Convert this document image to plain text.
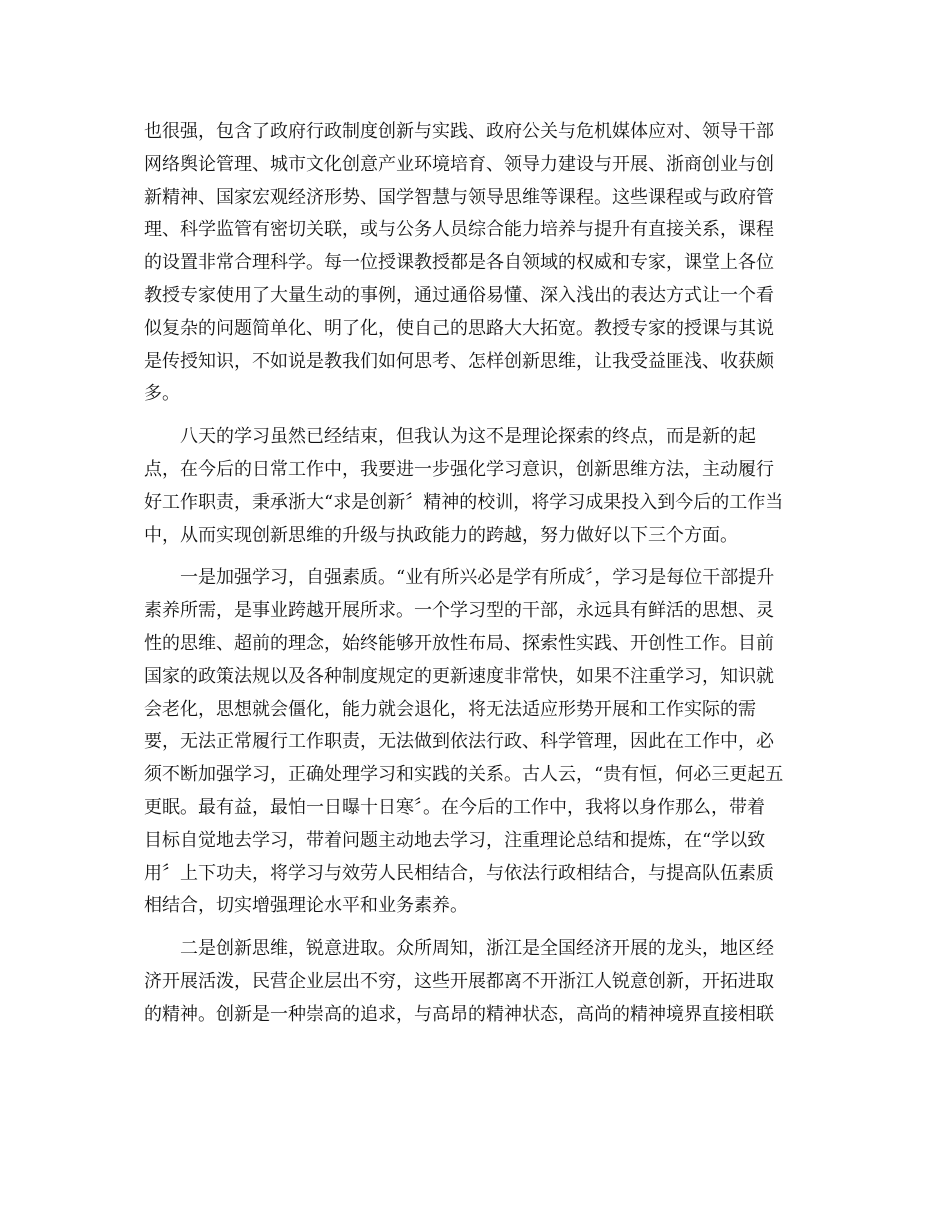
也很强，包含了政府行政制度创新与实践、政府公关与危机媒体应对、领导干部
网络舆论管理、城市文化创意产业环境培育、领导力建设与开展、浙商创业与创
新精神、国家宏观经济形势、国学智慧与领导思维等课程。这些课程或与政府管
理、科学监管有密切关联，或与公务人员综合能力培养与提升有直接关系，课程
的设置非常合理科学。每一位授课教授都是各自领域的权威和专家，课堂上各位
教授专家使用了大量生动的事例，通过通俗易懂、深入浅出的表达方式让一个看
似复杂的问题简单化、明了化，使自己的思路大大拓宽。教授专家的授课与其说
是传授知识，不如说是教我们如何思考、怎样创新思维，让我受益匪浅、收获颇
多。

八天的学习虽然已经结束，但我认为这不是理论探索的终点，而是新的起
点，在今后的日常工作中，我要进一步强化学习意识，创新思维方法，主动履行
好工作职责，秉承浙大“求是创新〞精神的校训，将学习成果投入到今后的工作当
中，从而实现创新思维的升级与执政能力的跨越，努力做好以下三个方面。

一是加强学习，自强素质。“业有所兴必是学有所成〞，学习是每位干部提升
素养所需，是事业跨越开展所求。一个学习型的干部，永远具有鲜活的思想、灵
性的思维、超前的理念，始终能够开放性布局、探索性实践、开创性工作。目前
国家的政策法规以及各种制度规定的更新速度非常快，如果不注重学习，知识就
会老化，思想就会僵化，能力就会退化，将无法适应形势开展和工作实际的需
要，无法正常履行工作职责，无法做到依法行政、科学管理，因此在工作中，必
须不断加强学习，正确处理学习和实践的关系。古人云，“贵有恒，何必三更起五
更眠。最有益，最怕一日曝十日寒〞。在今后的工作中，我将以身作那么，带着
目标自觉地去学习，带着问题主动地去学习，注重理论总结和提炼，在“学以致
用〞上下功夫，将学习与效劳人民相结合，与依法行政相结合，与提高队伍素质
相结合，切实增强理论水平和业务素养。

二是创新思维，锐意进取。众所周知，浙江是全国经济开展的龙头，地区经
济开展活泼，民营企业层出不穷，这些开展都离不开浙江人锐意创新，开拓进取
的精神。创新是一种崇高的追求，与高昂的精神状态，高尚的精神境界直接相联
